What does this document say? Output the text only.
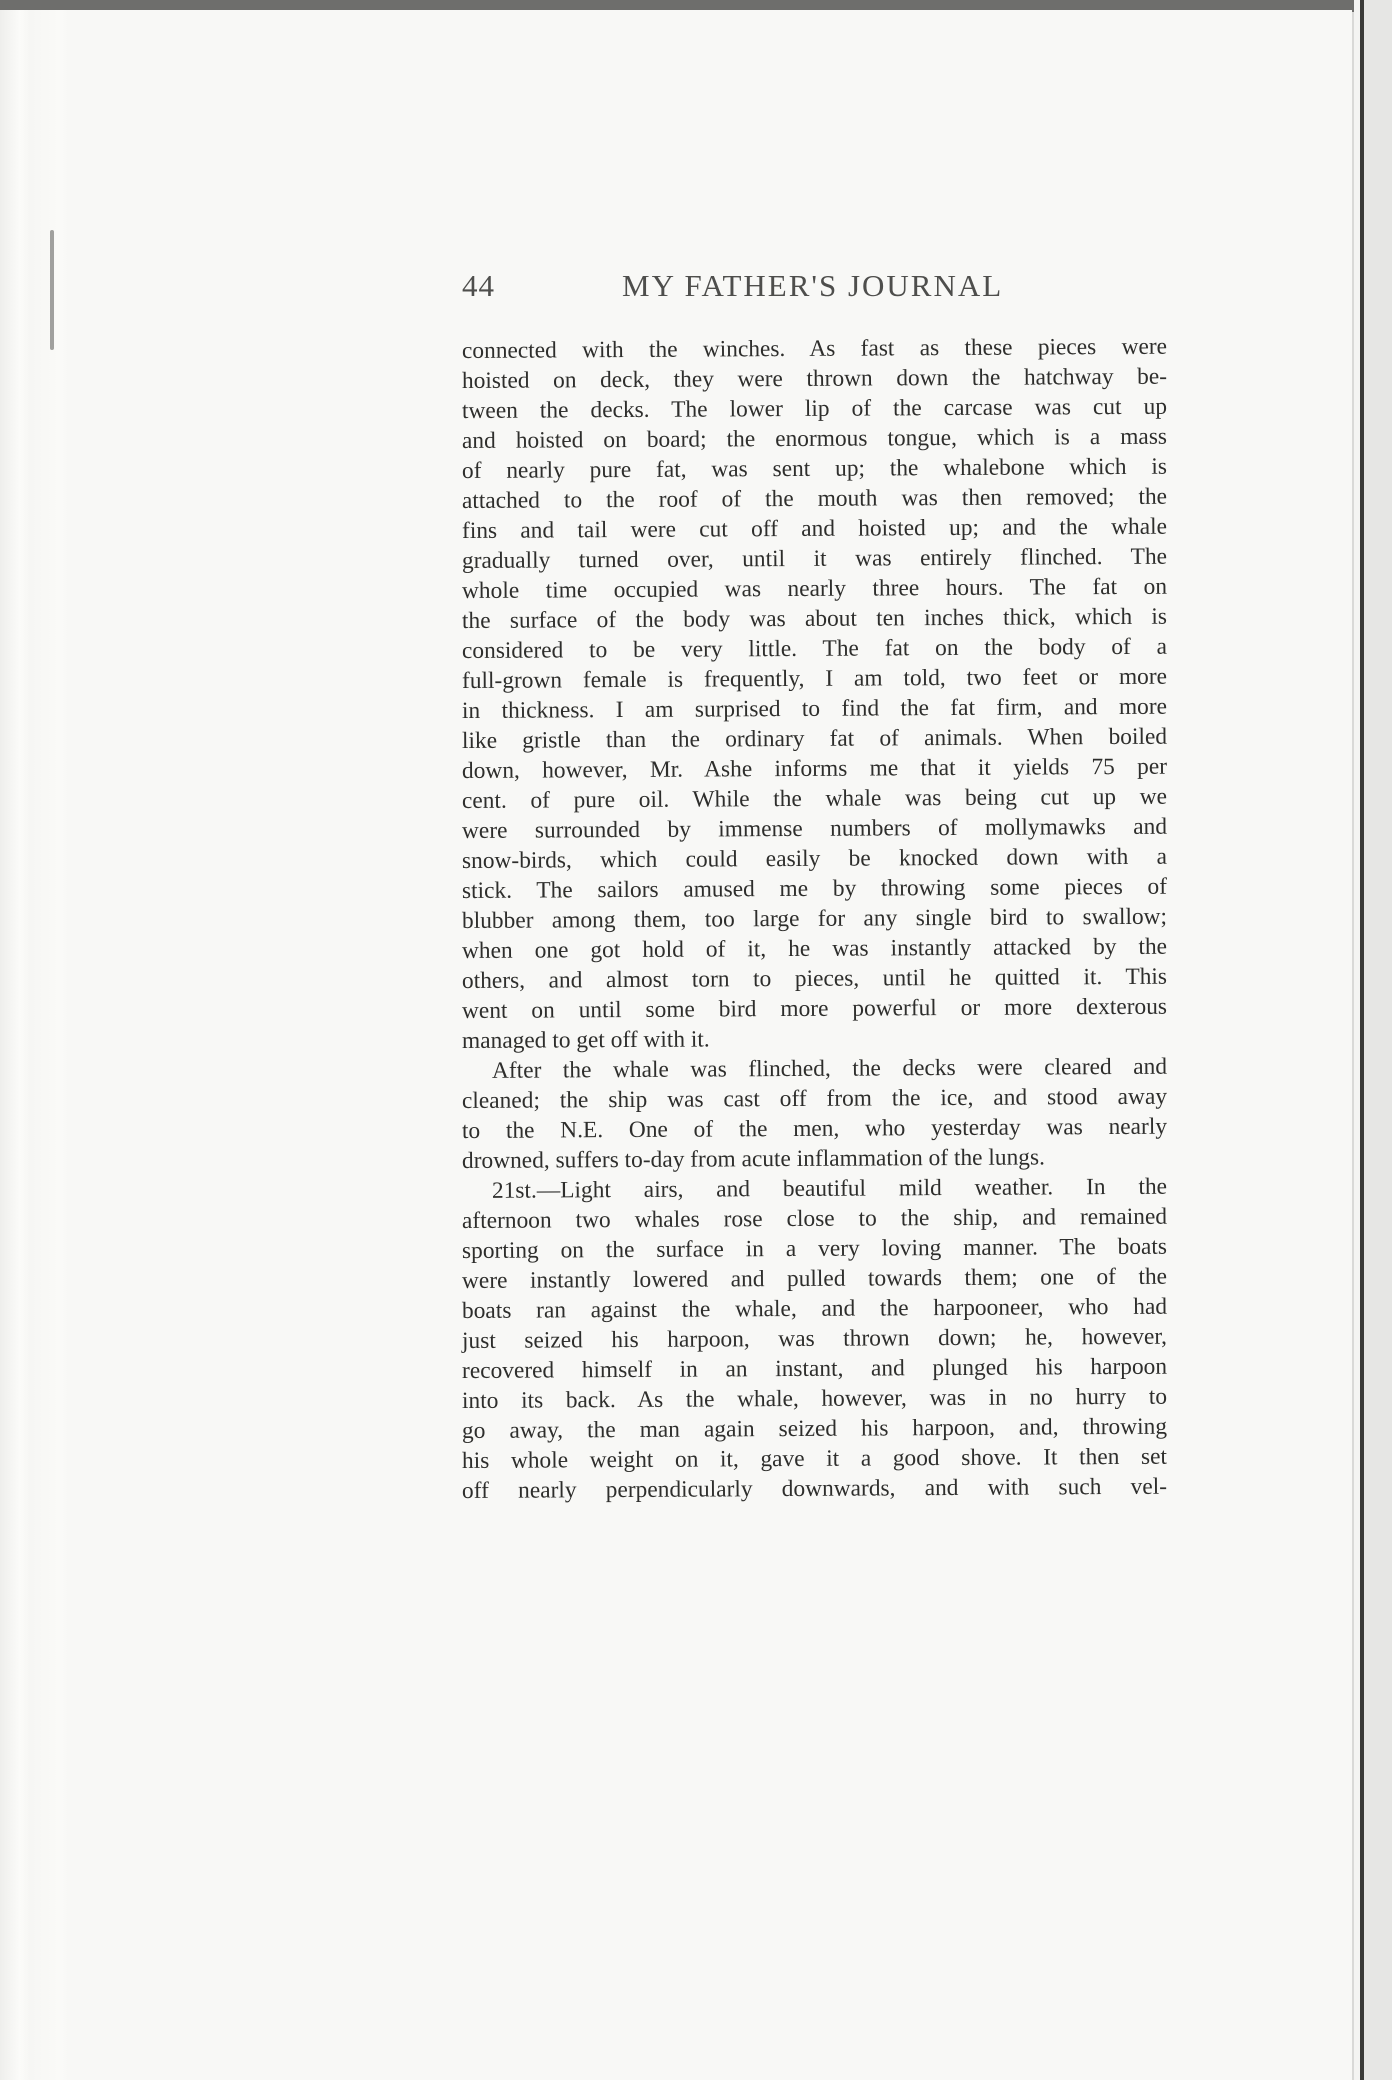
44	MY FATHER'S JOURNAL
connected with the winches. As fast as these pieces were
hoisted on deck, they were thrown down the hatchway be-
tween the decks. The lower lip of the carcase was cut up
and hoisted on board; the enormous tongue, which is a mass
of nearly pure fat, was sent up; the whalebone which is
attached to the roof of the mouth was then removed; the
fins and tail were cut off and hoisted up; and the whale
gradually turned over, until it was entirely flinched. The
whole time occupied was nearly three hours. The fat on
the surface of the body was about ten inches thick, which is
considered to be very little. The fat on the body of a
full-grown female is frequently, I am told, two feet or more
in thickness. I am surprised to find the fat firm, and more
like gristle than the ordinary fat of animals. When boiled
down, however, Mr. Ashe informs me that it yields 75 per
cent. of pure oil. While the whale was being cut up we
were surrounded by immense numbers of mollymawks and
snow-birds, which could easily be knocked down with a
stick. The sailors amused me by throwing some pieces of
blubber among them, too large for any single bird to swallow;
when one got hold of it, he was instantly attacked by the
others, and almost torn to pieces, until he quitted it. This
went on until some bird more powerful or more dexterous
managed to get off with it.
After the whale was flinched, the decks were cleared and
cleaned; the ship was cast off from the ice, and stood away
to the N.E. One of the men, who yesterday was nearly
drowned, suffers to-day from acute inflammation of the lungs.
21st.—Light airs, and beautiful mild weather. In the
afternoon two whales rose close to the ship, and remained
sporting on the surface in a very loving manner. The boats
were instantly lowered and pulled towards them; one of the
boats ran against the whale, and the harpooneer, who had
just seized his harpoon, was thrown down; he, however,
recovered himself in an instant, and plunged his harpoon
into its back. As the whale, however, was in no hurry to
go away, the man again seized his harpoon, and, throwing
his whole weight on it, gave it a good shove. It then set
off nearly perpendicularly downwards, and with such vel-
